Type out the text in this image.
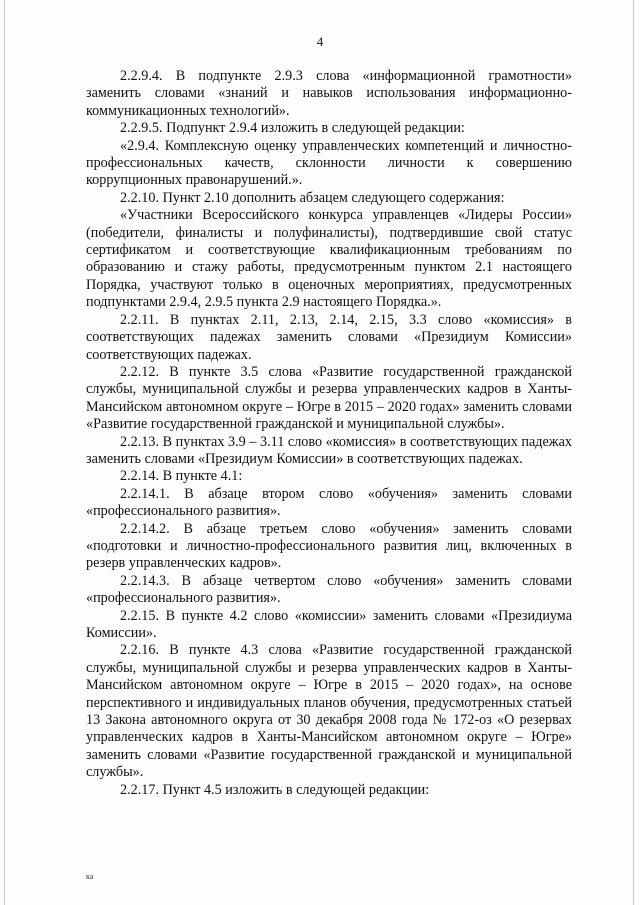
4

2.2.9.4. В подпункте 2.9.3 слова «информационной грамотности» заменить словами «знаний и навыков использования информационно-коммуникационных технологий».

2.2.9.5. Подпункт 2.9.4 изложить в следующей редакции:

«2.9.4. Комплексную оценку управленческих компетенций и личностно-профессиональных качеств, склонности личности к совершению коррупционных правонарушений.».

2.2.10. Пункт 2.10 дополнить абзацем следующего содержания:

«Участники Всероссийского конкурса управленцев «Лидеры России» (победители, финалисты и полуфиналисты), подтвердившие свой статус сертификатом и соответствующие квалификационным требованиям по образованию и стажу работы, предусмотренным пунктом 2.1 настоящего Порядка, участвуют только в оценочных мероприятиях, предусмотренных подпунктами 2.9.4, 2.9.5 пункта 2.9 настоящего Порядка.».

2.2.11. В пунктах 2.11, 2.13, 2.14, 2.15, 3.3 слово «комиссия» в соответствующих падежах заменить словами «Президиум Комиссии» соответствующих падежах.

2.2.12. В пункте 3.5 слова «Развитие государственной гражданской службы, муниципальной службы и резерва управленческих кадров в Ханты-Мансийском автономном округе – Югре в 2015 – 2020 годах» заменить словами «Развитие государственной гражданской и муниципальной службы».

2.2.13. В пунктах 3.9 – 3.11 слово «комиссия» в соответствующих падежах заменить словами «Президиум Комиссии» в соответствующих падежах.

2.2.14. В пункте 4.1:

2.2.14.1. В абзаце втором слово «обучения» заменить словами «профессионального развития».

2.2.14.2. В абзаце третьем слово «обучения» заменить словами «подготовки и личностно-профессионального развития лиц, включенных в резерв управленческих кадров».

2.2.14.3. В абзаце четвертом слово «обучения» заменить словами «профессионального развития».

2.2.15. В пункте 4.2 слово «комиссии» заменить словами «Президиума Комиссии».

2.2.16. В пункте 4.3 слова «Развитие государственной гражданской службы, муниципальной службы и резерва управленческих кадров в Ханты-Мансийском автономном округе – Югре в 2015 – 2020 годах», на основе перспективного и индивидуальных планов обучения, предусмотренных статьей 13 Закона автономного округа от 30 декабря 2008 года № 172-оз «О резервах управленческих кадров в Ханты-Мансийском автономном округе – Югре» заменить словами «Развитие государственной гражданской и муниципальной службы».

2.2.17. Пункт 4.5 изложить в следующей редакции:

ка
